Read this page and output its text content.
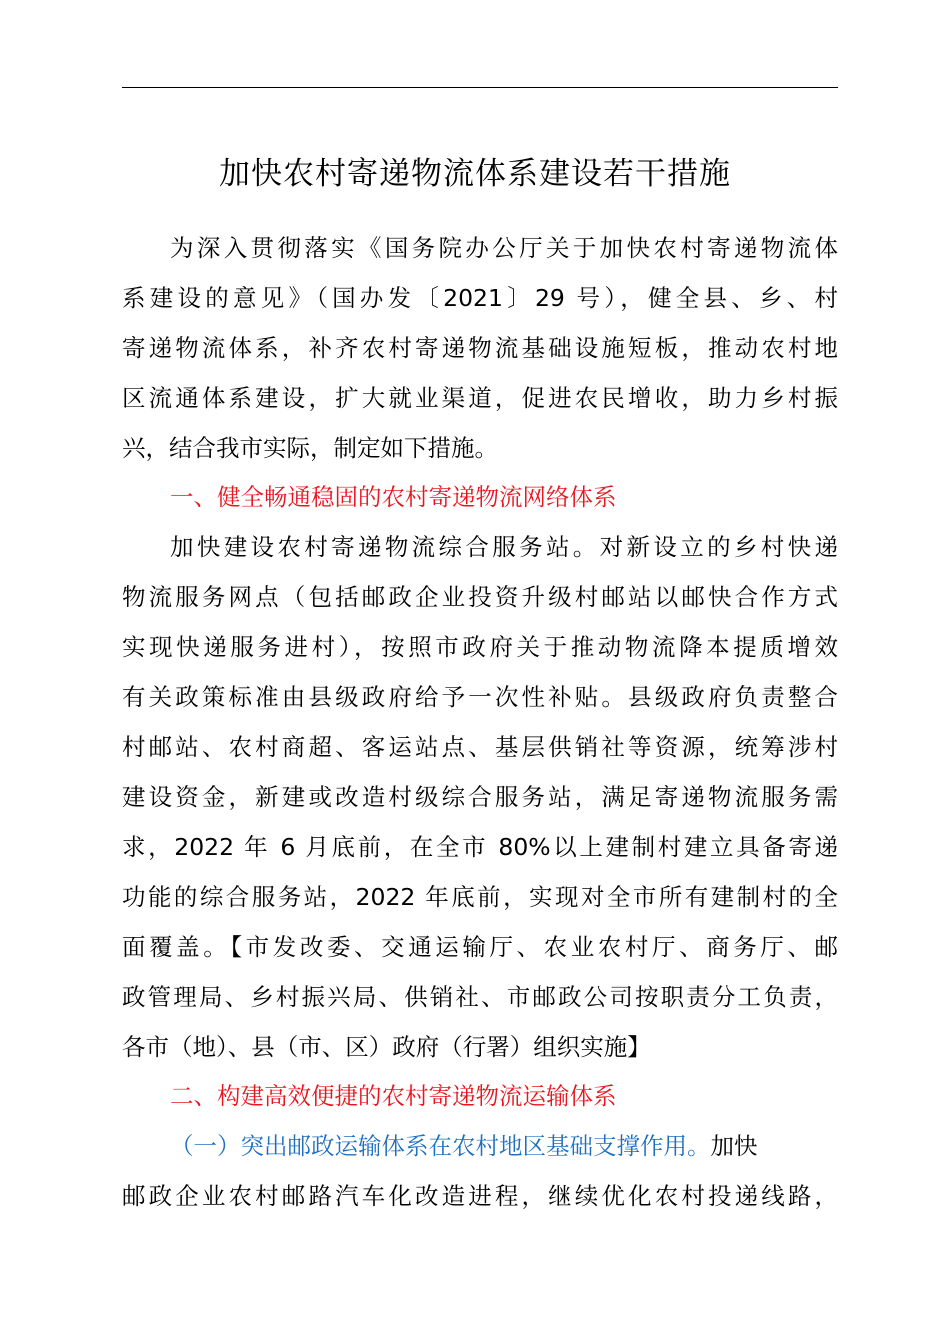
加快农村寄递物流体系建设若干措施
为深入贯彻落实《国务院办公厅关于加快农村寄递物流体
系建设的意见》（国办发〔2021〕29 号），健全县、乡、村
寄递物流体系，补齐农村寄递物流基础设施短板，推动农村地
区流通体系建设，扩大就业渠道，促进农民增收，助力乡村振
兴，结合我市实际，制定如下措施。
一、健全畅通稳固的农村寄递物流网络体系
加快建设农村寄递物流综合服务站。对新设立的乡村快递
物流服务网点（包括邮政企业投资升级村邮站以邮快合作方式
实现快递服务进村），按照市政府关于推动物流降本提质增效
有关政策标准由县级政府给予一次性补贴。县级政府负责整合
村邮站、农村商超、客运站点、基层供销社等资源，统筹涉村
建设资金，新建或改造村级综合服务站，满足寄递物流服务需
求，2022 年 6 月底前，在全市 80%以上建制村建立具备寄递
功能的综合服务站，2022 年底前，实现对全市所有建制村的全
面覆盖。【市发改委、交通运输厅、农业农村厅、商务厅、邮
政管理局、乡村振兴局、供销社、市邮政公司按职责分工负责，
各市（地）、县（市、区）政府（行署）组织实施】
二、构建高效便捷的农村寄递物流运输体系
（一）突出邮政运输体系在农村地区基础支撑作用。加快
邮政企业农村邮路汽车化改造进程，继续优化农村投递线路，
